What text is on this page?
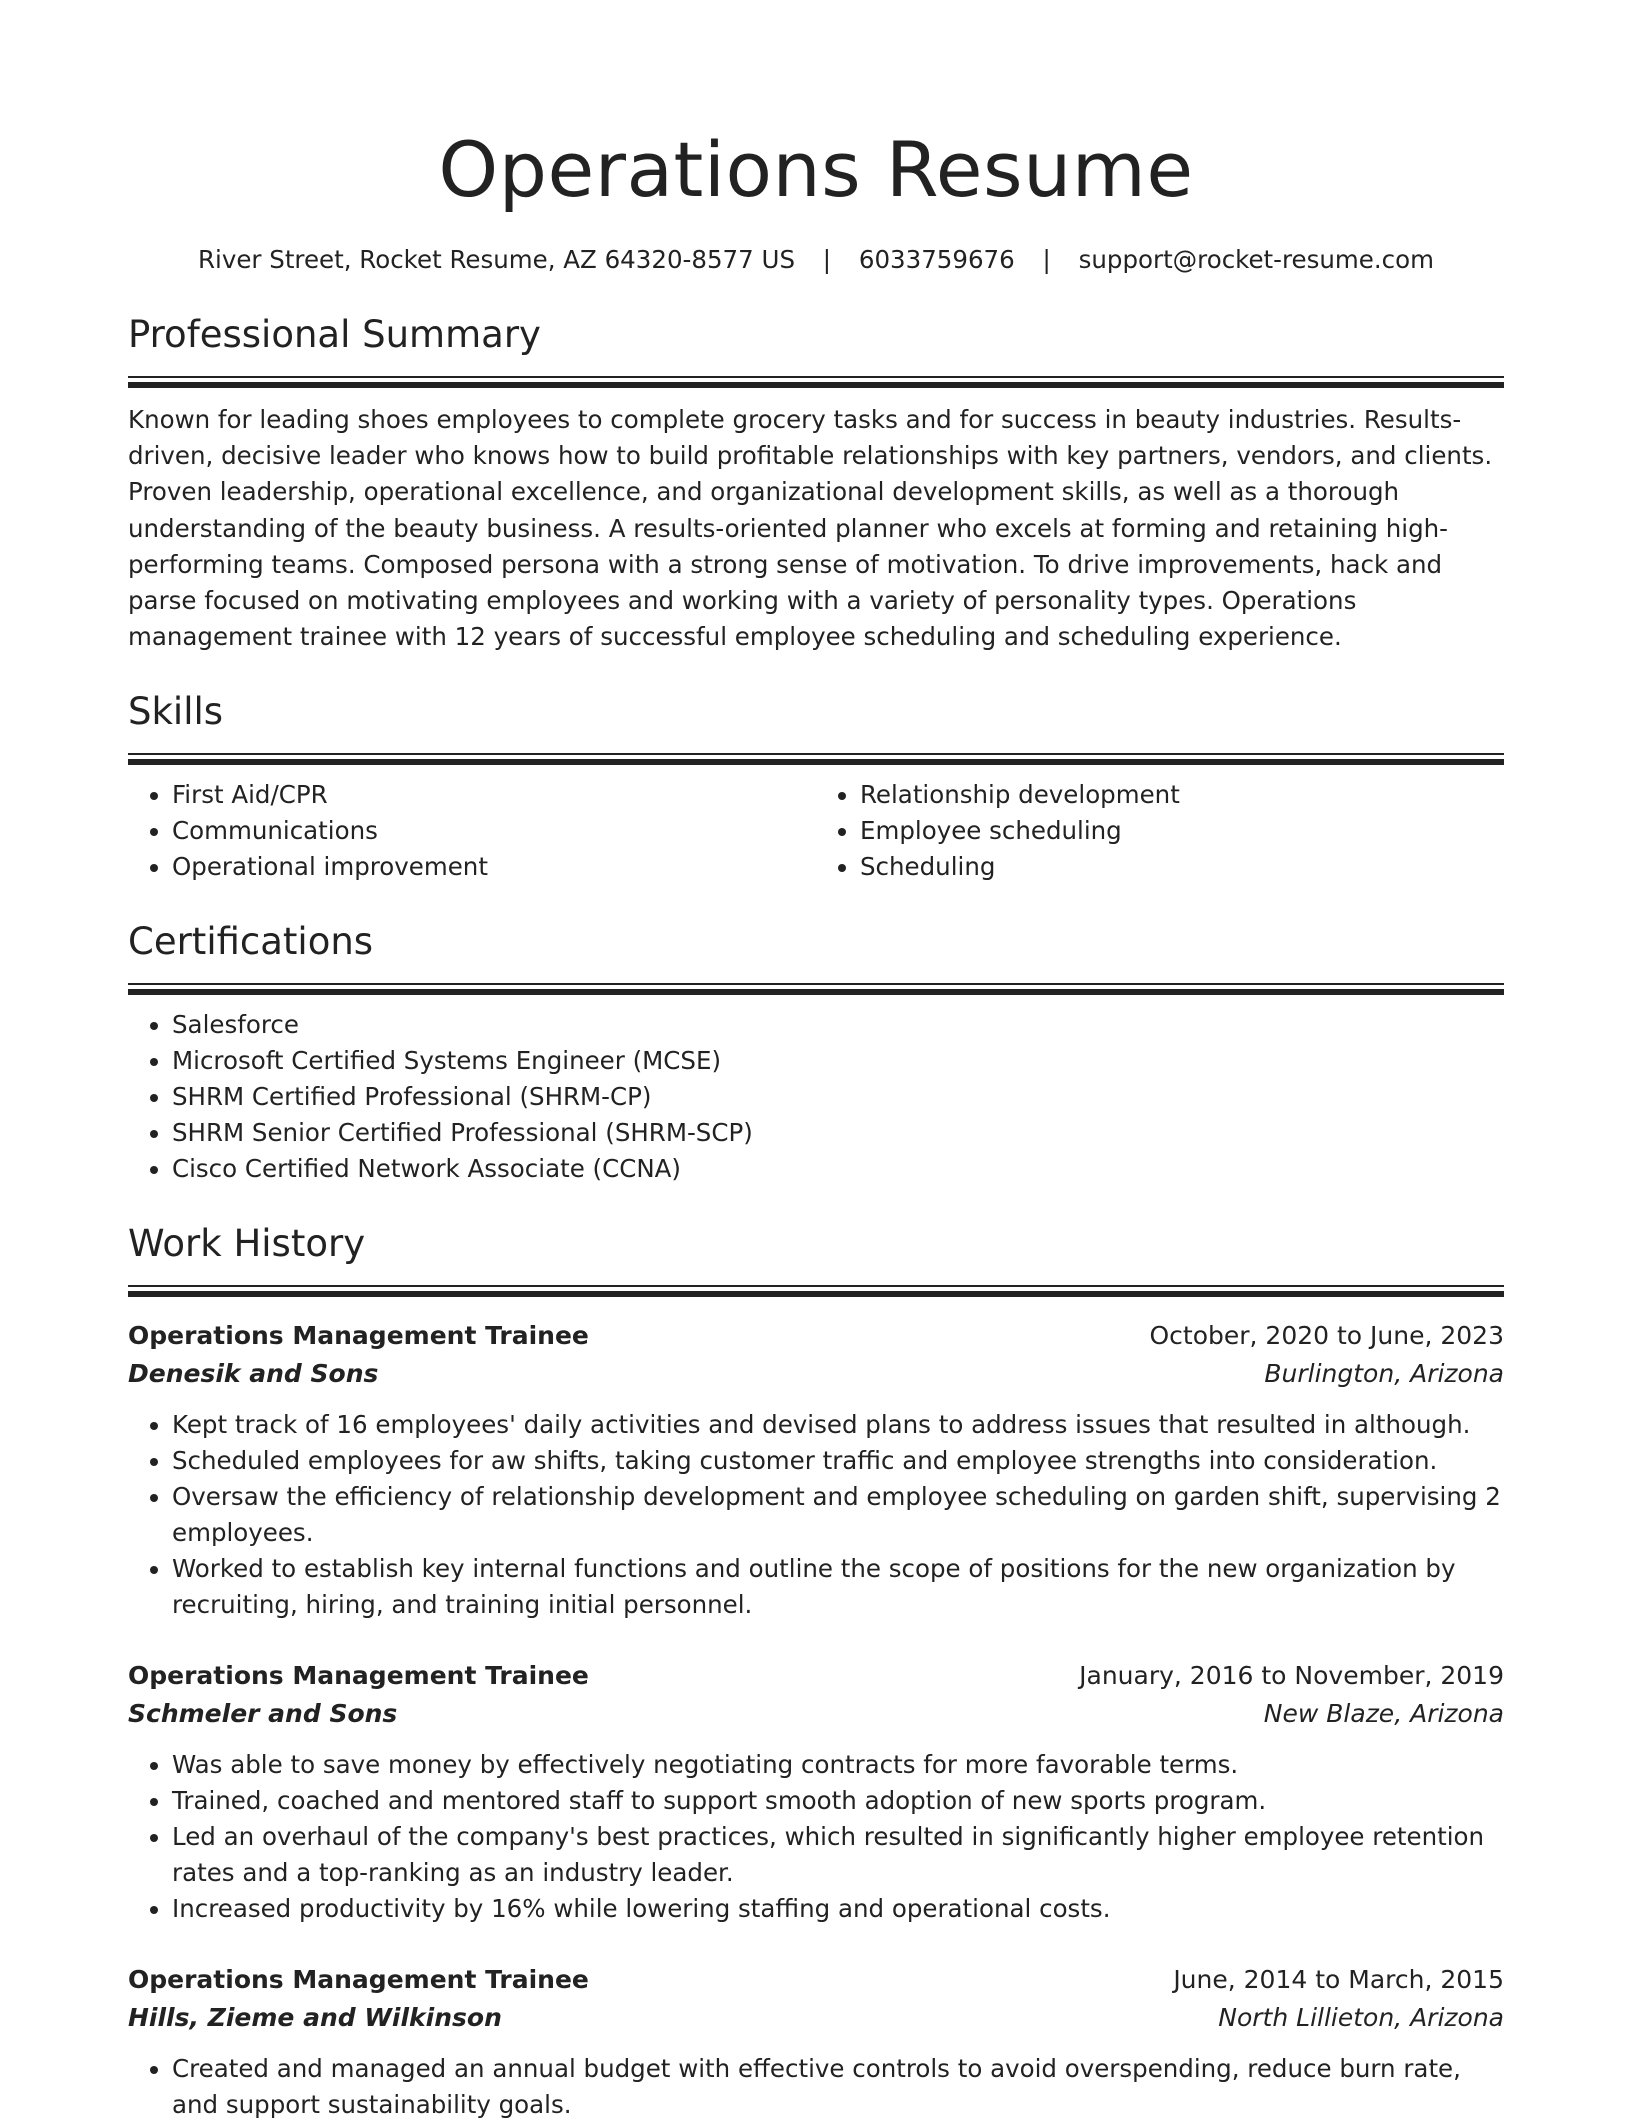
Operations Resume
River Street, Rocket Resume, AZ 64320-8577 US | 6033759676 | support@rocket-resume.com
Professional Summary

Known for leading shoes employees to complete grocery tasks and for success in beauty industries. Results-driven, decisive leader who knows how to build profitable relationships with key partners, vendors, and clients. Proven leadership, operational excellence, and organizational development skills, as well as a thorough understanding of the beauty business. A results-oriented planner who excels at forming and retaining high-performing teams. Composed persona with a strong sense of motivation. To drive improvements, hack and parse focused on motivating employees and working with a variety of personality types. Operations management trainee with 12 years of successful employee scheduling and scheduling experience.

Skills
• First Aid/CPR
• Communications
• Operational improvement
• Relationship development
• Employee scheduling
• Scheduling
Certifications
• Salesforce
• Microsoft Certified Systems Engineer (MCSE)
• SHRM Certified Professional (SHRM-CP)
• SHRM Senior Certified Professional (SHRM-SCP)
• Cisco Certified Network Associate (CCNA)
Work History
Operations Management Trainee	October, 2020 to June, 2023
Denesik and Sons	Burlington, Arizona
• Kept track of 16 employees' daily activities and devised plans to address issues that resulted in although.
• Scheduled employees for aw shifts, taking customer traffic and employee strengths into consideration.
• Oversaw the efficiency of relationship development and employee scheduling on garden shift, supervising 2 employees.
• Worked to establish key internal functions and outline the scope of positions for the new organization by recruiting, hiring, and training initial personnel.
Operations Management Trainee	January, 2016 to November, 2019
Schmeler and Sons	New Blaze, Arizona
• Was able to save money by effectively negotiating contracts for more favorable terms.
• Trained, coached and mentored staff to support smooth adoption of new sports program.
• Led an overhaul of the company's best practices, which resulted in significantly higher employee retention rates and a top-ranking as an industry leader.
• Increased productivity by 16% while lowering staffing and operational costs.
Operations Management Trainee	June, 2014 to March, 2015
Hills, Zieme and Wilkinson	North Lillieton, Arizona
• Created and managed an annual budget with effective controls to avoid overspending, reduce burn rate, and support sustainability goals.
